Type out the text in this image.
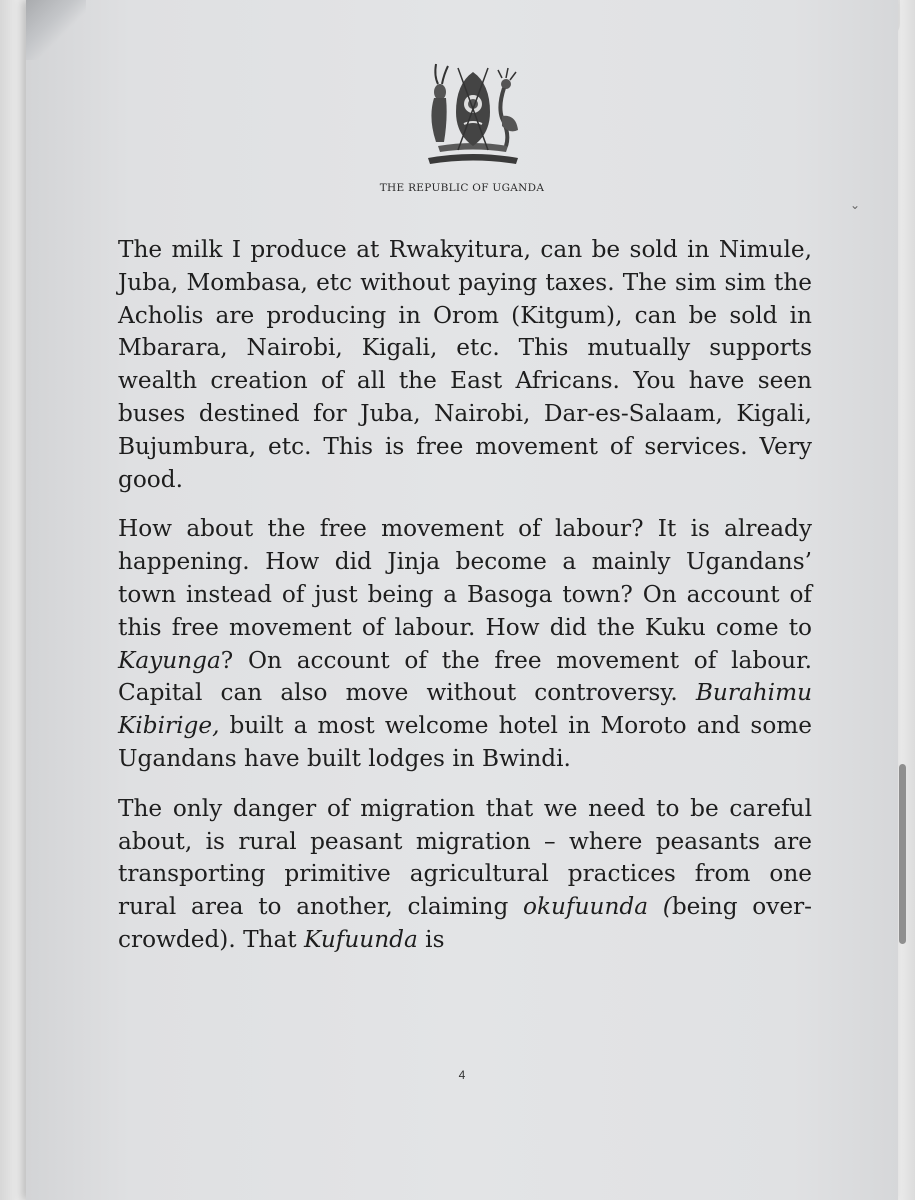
THE REPUBLIC OF UGANDA

The milk I produce at Rwakyitura, can be sold in Nimule, Juba, Mombasa, etc without paying taxes. The sim sim the Acholis are producing in Orom (Kitgum), can be sold in Mbarara, Nairobi, Kigali, etc. This mutually supports wealth creation of all the East Africans. You have seen buses destined for Juba, Nairobi, Dar-es-Salaam, Kigali, Bujumbura, etc. This is free movement of services. Very good.

How about the free movement of labour? It is already happening. How did Jinja become a mainly Ugandans’ town instead of just being a Basoga town? On account of this free movement of labour. How did the Kuku come to Kayunga? On account of the free movement of labour. Capital can also move without controversy. Burahimu Kibirige, built a most welcome hotel in Moroto and some Ugandans have built lodges in Bwindi.

The only danger of migration that we need to be careful about, is rural peasant migration – where peasants are transporting primitive agricultural practices from one rural area to another, claiming okufuunda (being over-crowded). That Kufuunda is

4
⌄
